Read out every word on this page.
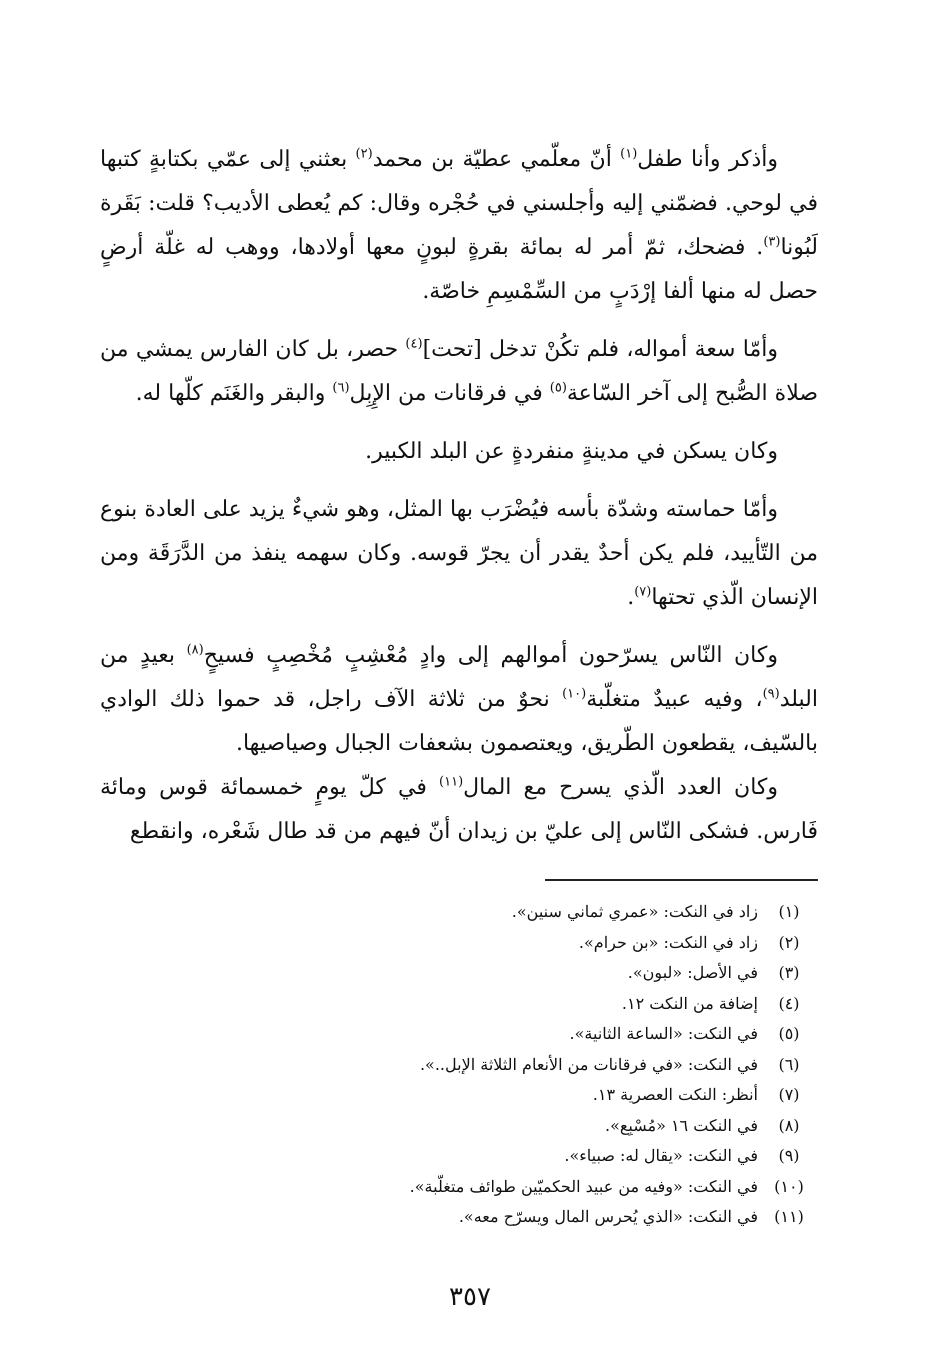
وأذكر وأنا طفل$^{(١)}$ أنّ معلّمي عطيّة بن محمد$^{(٢)}$ بعثني إلى عمّي بكتابةٍ كتبها في لوحي. فضمّني إليه وأجلسني في حُجْره وقال: كم يُعطى الأديب؟ قلت: بَقَرة لَبُونا$^{(٣)}$. فضحك، ثمّ أمر له بمائة بقرةٍ لبونٍ معها أولادها، ووهب له غلّة أرضٍ حصل له منها ألفا إرْدَبٍ من السِّمْسِمِ خاصّة.

وأمّا سعة أمواله، فلم تكُنْ تدخل [تحت]$^{(٤)}$ حصر، بل كان الفارس يمشي من صلاة الصُّبح إلى آخر السّاعة$^{(٥)}$ في فرقانات من الإِبِل$^{(٦)}$ والبقر والغَنَم كلّها له.

وكان يسكن في مدينةٍ منفردةٍ عن البلد الكبير.

وأمّا حماسته وشدّة بأسه فيُضْرَب بها المثل، وهو شيءٌ يزيد على العادة بنوع من التّأييد، فلم يكن أحدٌ يقدر أن يجرّ قوسه. وكان سهمه ينفذ من الدَّرَقَة ومن الإنسان الّذي تحتها$^{(٧)}$.

وكان النّاس يسرّحون أموالهم إلى وادٍ مُعْشِبٍ مُخْصِبٍ فسيحٍ$^{(٨)}$ بعيدٍ من البلد$^{(٩)}$، وفيه عبيدٌ متغلّبة$^{(١٠)}$ نحوٌ من ثلاثة الآف راجل، قد حموا ذلك الوادي بالسّيف، يقطعون الطّريق، ويعتصمون بشعفات الجبال وصياصيها.

وكان العدد الّذي يسرح مع المال$^{(١١)}$ في كلّ يومٍ خمسمائة قوس ومائة فَارس. فشكى النّاس إلى عليّ بن زيدان أنّ فيهم من قد طال شَعْره، وانقطع

(١)
زاد في النكت: «عمري ثماني سنين».
(٢)
زاد في النكت: «بن حرام».
(٣)
في الأصل: «لبون».
(٤)
إضافة من النكت ١٢.
(٥)
في النكت: «الساعة الثانية».
(٦)
في النكت: «في فرقانات من الأنعام الثلاثة الإبل..».
(٧)
أنظر: النكت العصرية ١٣.
(٨)
في النكت ١٦ «مُسْبِع».
(٩)
في النكت: «يقال له: صبياء».
(١٠)
في النكت: «وفيه من عبيد الحكميّين طوائف متغلّبة».
(١١)
في النكت: «الذي يُحرس المال ويسرّح معه».
٣٥٧
